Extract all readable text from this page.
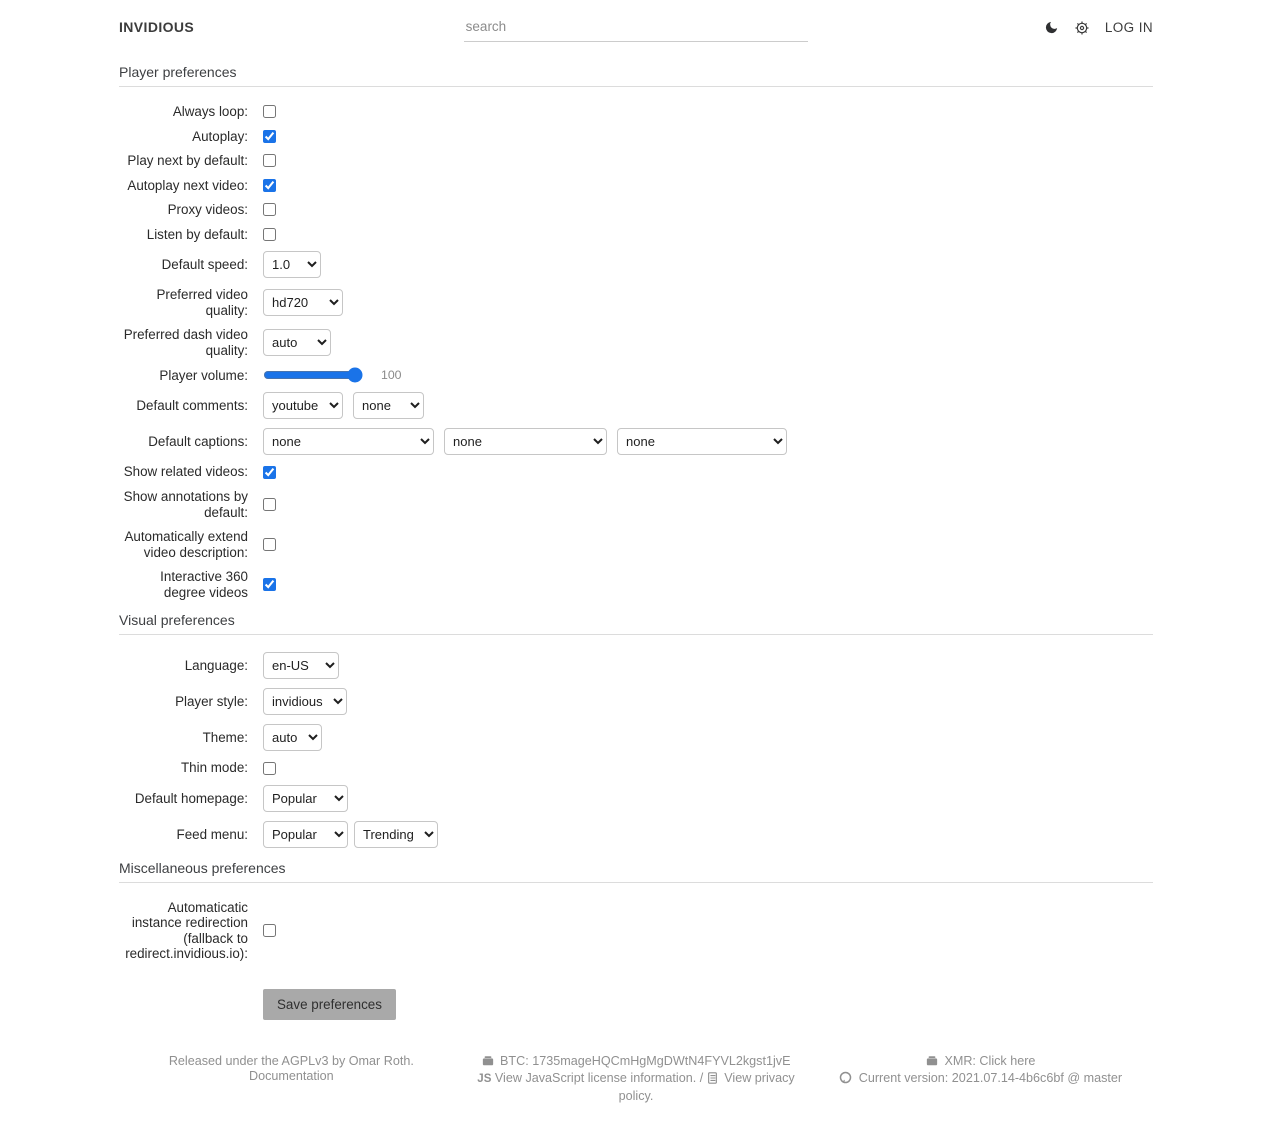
INVIDIOUS
search	LOG IN
Player preferences
Always loop:
Autoplay:
Play next by default:
Autoplay next video:
Proxy videos:
Listen by default:
Default speed:
1.0
Preferred video quality:
hd720
Preferred dash video quality:
auto
Player volume:	100
Default comments:
youtube
none
Default captions:
none
none
none
Show related videos:
Show annotations by default:
Automatically extend video description:
Interactive 360 degree videos
Visual preferences
Language:
en-US
Player style:
invidious
Theme:
auto
Thin mode:
Default homepage:
Popular
Feed menu:
Popular
Trending
Miscellaneous preferences
Automaticatic instance redirection (fallback to redirect.invidious.io):
Save preferences
Released under the AGPLv3 by Omar Roth.
Documentation
BTC: 1735mageHQCmHgMgDWtN4FYVL2kgst1jvE
JS View JavaScript license information. / View privacy policy.
XMR: Click here
Current version: 2021.07.14-4b6c6bf @ master
